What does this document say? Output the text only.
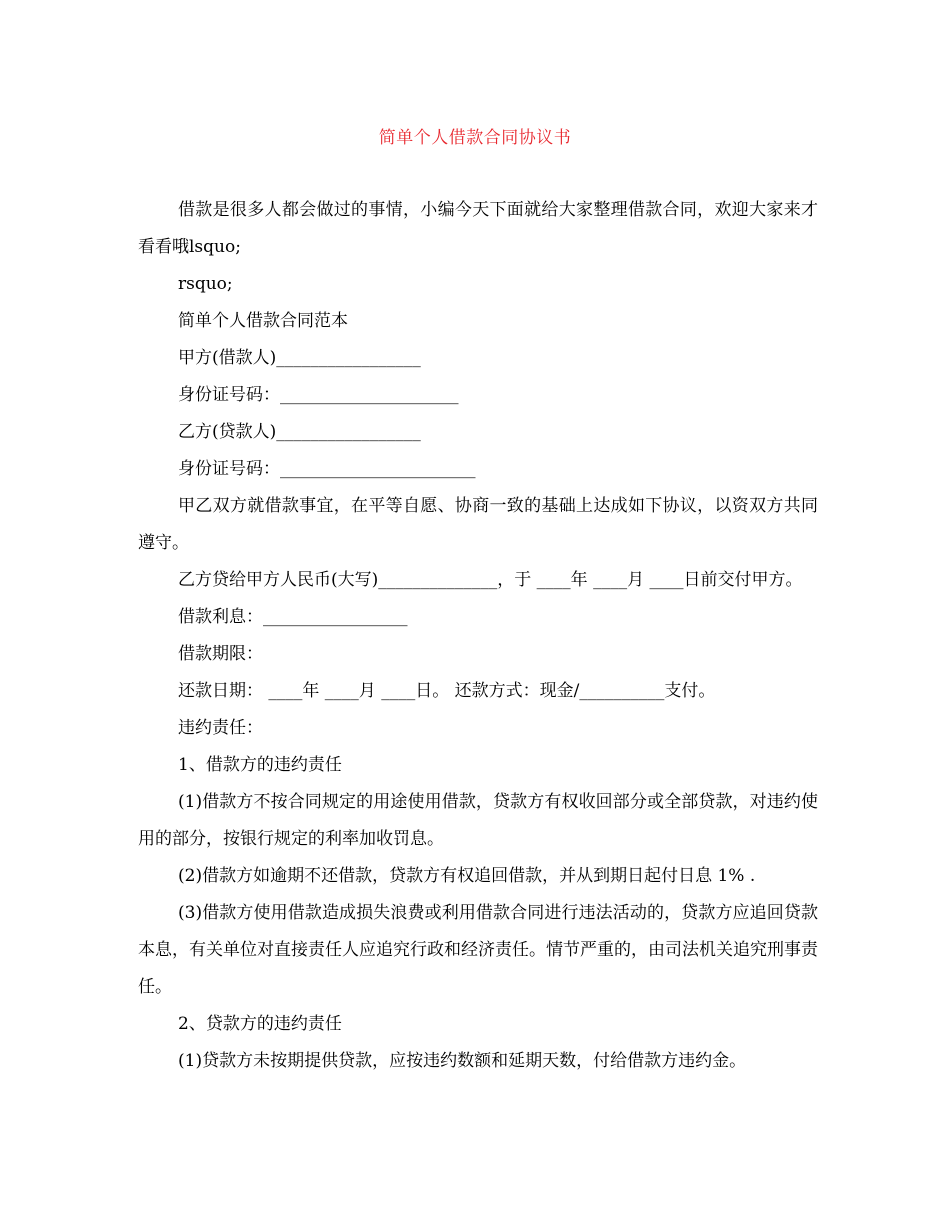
简单个人借款合同协议书

借款是很多人都会做过的事情，小编今天下面就给大家整理借款合同，欢迎大家来才看看哦lsquo;

rsquo;

简单个人借款合同范本

甲方(借款人)_________________

身份证号码：_____________________

乙方(贷款人)_________________

身份证号码：_______________________

甲乙双方就借款事宜，在平等自愿、协商一致的基础上达成如下协议，以资双方共同遵守。

乙方贷给甲方人民币(大写)______________，于 ____年 ____月 ____日前交付甲方。

借款利息：_________________

借款期限：

还款日期： ____年 ____月 ____日。 还款方式：现金/__________支付。

违约责任：

1、借款方的违约责任

(1)借款方不按合同规定的用途使用借款，贷款方有权收回部分或全部贷款，对违约使用的部分，按银行规定的利率加收罚息。

(2)借款方如逾期不还借款，贷款方有权追回借款，并从到期日起付日息 1% .

(3)借款方使用借款造成损失浪费或利用借款合同进行违法活动的，贷款方应追回贷款本息，有关单位对直接责任人应追究行政和经济责任。情节严重的，由司法机关追究刑事责任。

2、贷款方的违约责任

(1)贷款方未按期提供贷款，应按违约数额和延期天数，付给借款方违约金。
